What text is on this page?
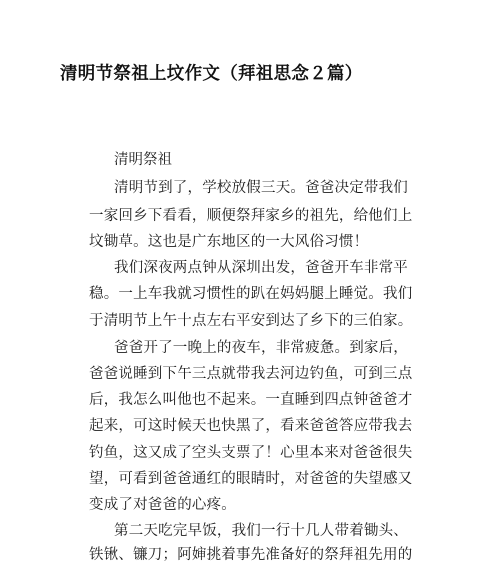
清明节祭祖上坟作文（拜祖思念２篇）
清明祭祖
清明节到了，学校放假三天。爸爸决定带我们
一家回乡下看看，顺便祭拜家乡的祖先，给他们上
坟锄草。这也是广东地区的一大风俗习惯！
我们深夜两点钟从深圳出发，爸爸开车非常平
稳。一上车我就习惯性的趴在妈妈腿上睡觉。我们
于清明节上午十点左右平安到达了乡下的三伯家。
爸爸开了一晚上的夜车，非常疲惫。到家后，
爸爸说睡到下午三点就带我去河边钓鱼，可到三点
后，我怎么叫他也不起来。一直睡到四点钟爸爸才
起来，可这时候天也快黑了，看来爸爸答应带我去
钓鱼，这又成了空头支票了！心里本来对爸爸很失
望，可看到爸爸通红的眼睛时，对爸爸的失望感又
变成了对爸爸的心疼。
第二天吃完早饭，我们一行十几人带着锄头、
铁锹、镰刀；阿婶挑着事先准备好的祭拜祖先用的
